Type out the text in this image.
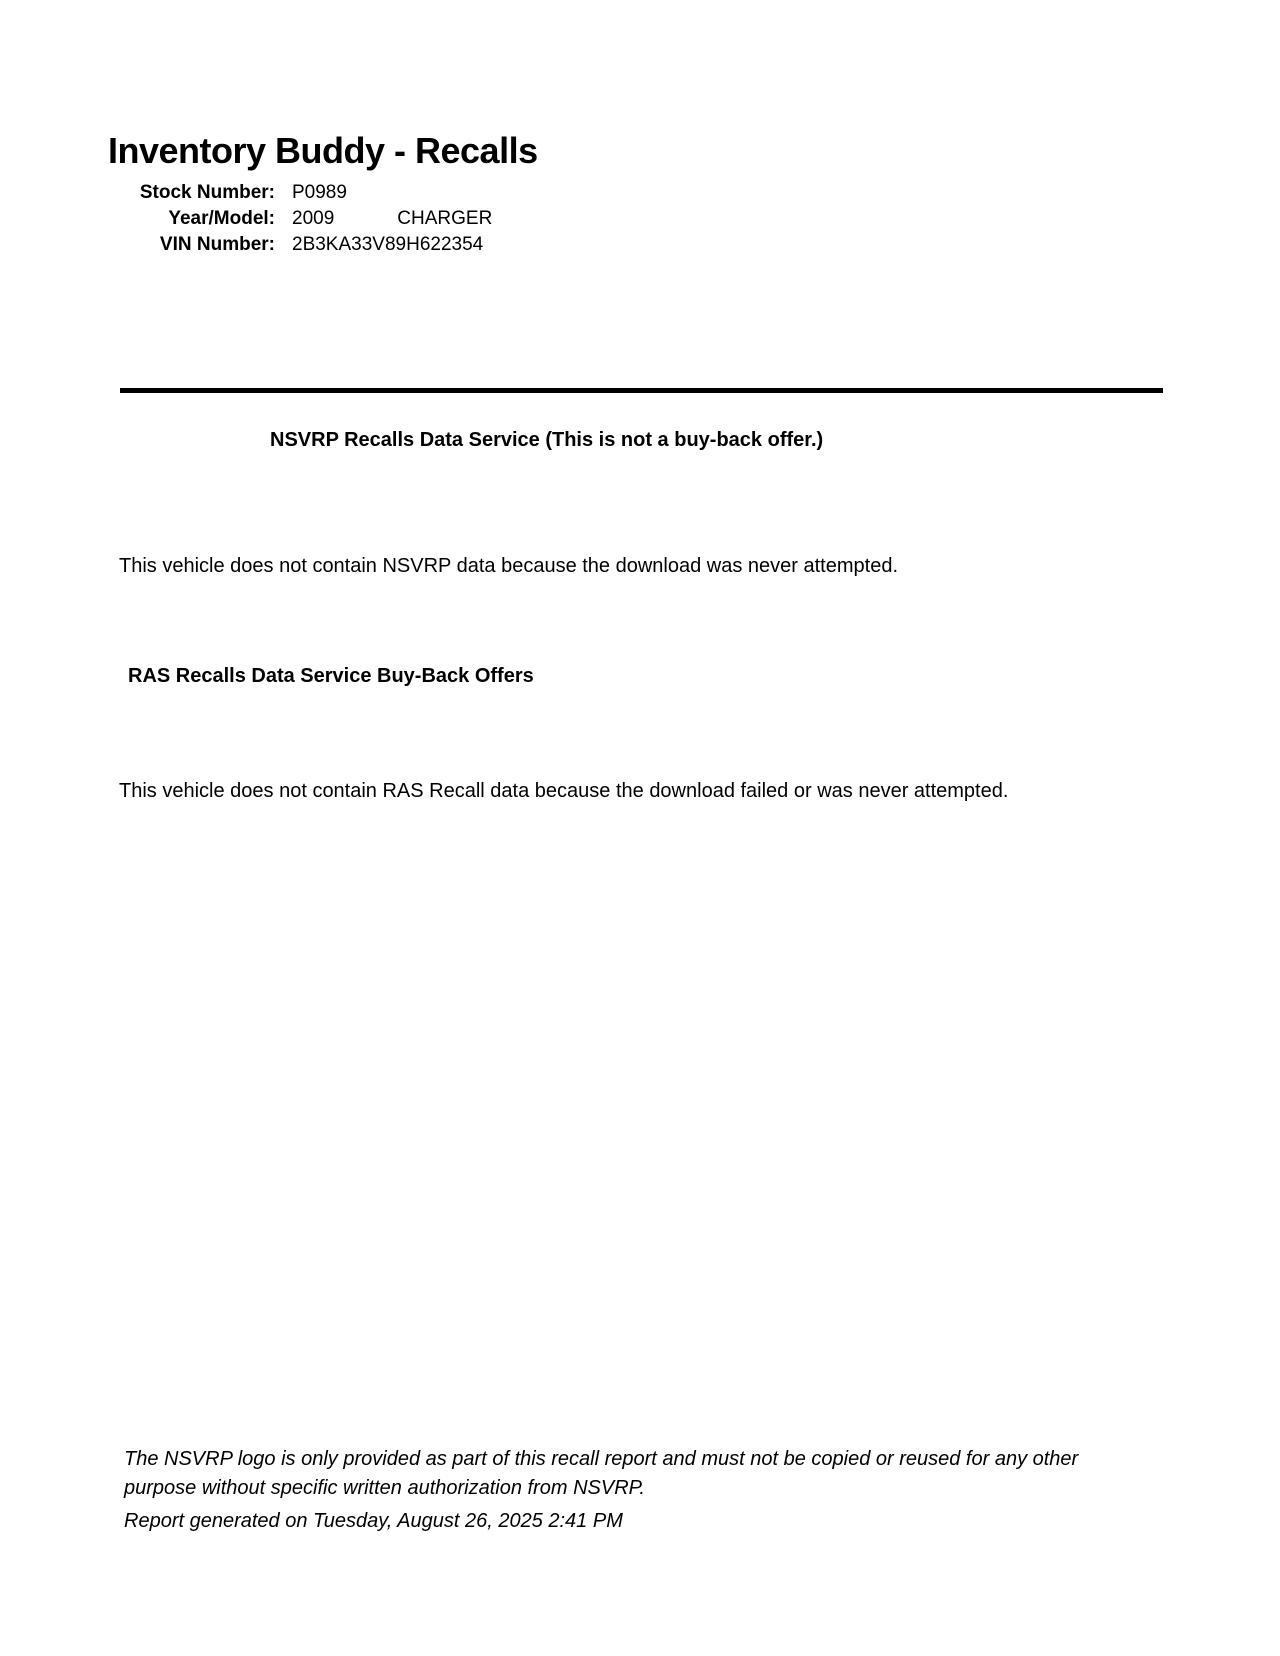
Inventory Buddy - Recalls
Stock Number: P0989
Year/Model: 2009	CHARGER
VIN Number: 2B3KA33V89H622354
NSVRP Recalls Data Service (This is not a buy-back offer.)
This vehicle does not contain NSVRP data because the download was never attempted.
RAS Recalls Data Service Buy-Back Offers
This vehicle does not contain RAS Recall data because the download failed or was never attempted.
The NSVRP logo is only provided as part of this recall report and must not be copied or reused for any other
purpose without specific written authorization from NSVRP.
Report generated on Tuesday, August 26, 2025 2:41 PM
